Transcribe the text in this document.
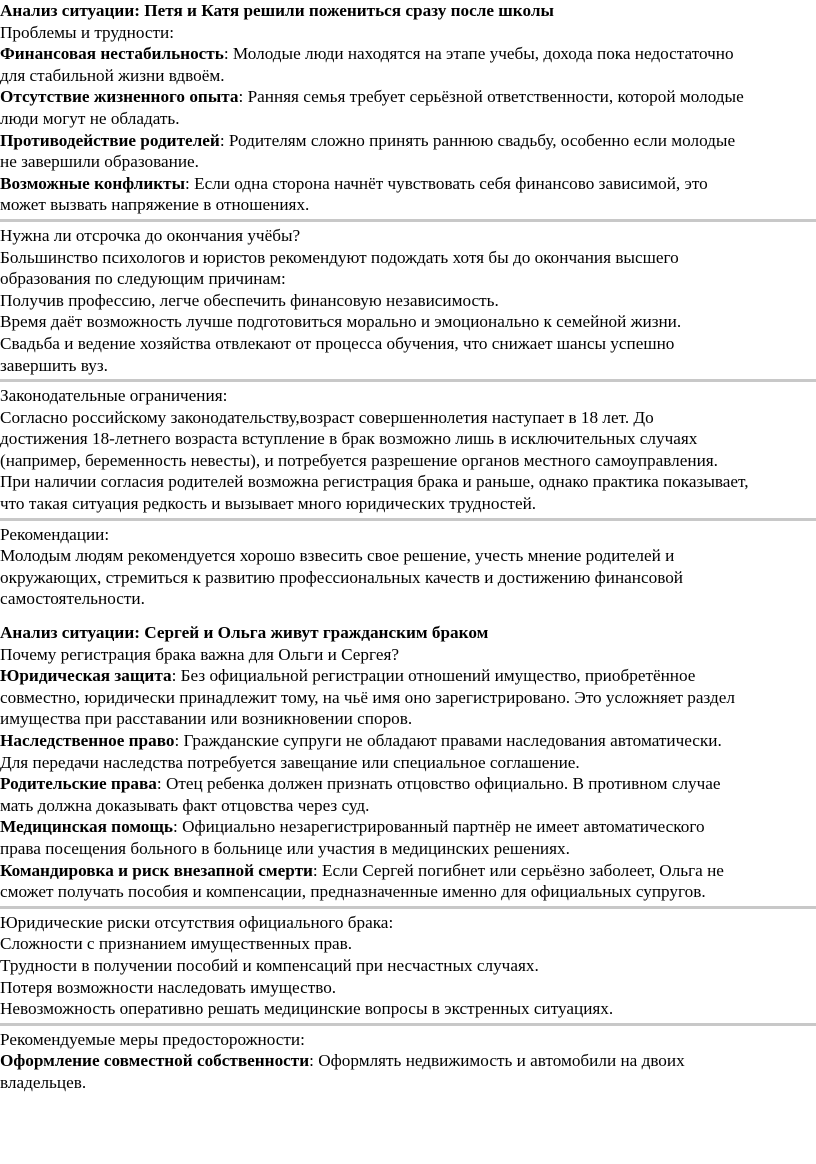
Анализ ситуации: Петя и Катя решили пожениться сразу после школы
Проблемы и трудности:
Финансовая нестабильность: Молодые люди находятся на этапе учебы, дохода пока недостаточно
для стабильной жизни вдвоём.
Отсутствие жизненного опыта: Ранняя семья требует серьёзной ответственности, которой молодые
люди могут не обладать.
Противодействие родителей: Родителям сложно принять раннюю свадьбу, особенно если молодые
не завершили образование.
Возможные конфликты: Если одна сторона начнёт чувствовать себя финансово зависимой, это
может вызвать напряжение в отношениях.
Нужна ли отсрочка до окончания учёбы?
Большинство психологов и юристов рекомендуют подождать хотя бы до окончания высшего
образования по следующим причинам:
Получив профессию, легче обеспечить финансовую независимость.
Время даёт возможность лучше подготовиться морально и эмоционально к семейной жизни.
Свадьба и ведение хозяйства отвлекают от процесса обучения, что снижает шансы успешно
завершить вуз.
Законодательные ограничения:
Согласно российскому законодательству,возраст совершеннолетия наступает в 18 лет. До
достижения 18-летнего возраста вступление в брак возможно лишь в исключительных случаях
(например, беременность невесты), и потребуется разрешение органов местного самоуправления.
При наличии согласия родителей возможна регистрация брака и раньше, однако практика показывает,
что такая ситуация редкость и вызывает много юридических трудностей.
Рекомендации:
Молодым людям рекомендуется хорошо взвесить свое решение, учесть мнение родителей и
окружающих, стремиться к развитию профессиональных качеств и достижению финансовой
самостоятельности.
Анализ ситуации: Сергей и Ольга живут гражданским браком
Почему регистрация брака важна для Ольги и Сергея?
Юридическая защита: Без официальной регистрации отношений имущество, приобретённое
совместно, юридически принадлежит тому, на чьё имя оно зарегистрировано. Это усложняет раздел
имущества при расставании или возникновении споров.
Наследственное право: Гражданские супруги не обладают правами наследования автоматически.
Для передачи наследства потребуется завещание или специальное соглашение.
Родительские права: Отец ребенка должен признать отцовство официально. В противном случае
мать должна доказывать факт отцовства через суд.
Медицинская помощь: Официально незарегистрированный партнёр не имеет автоматического
права посещения больного в больнице или участия в медицинских решениях.
Командировка и риск внезапной смерти: Если Сергей погибнет или серьёзно заболеет, Ольга не
сможет получать пособия и компенсации, предназначенные именно для официальных супругов.
Юридические риски отсутствия официального брака:
Сложности с признанием имущественных прав.
Трудности в получении пособий и компенсаций при несчастных случаях.
Потеря возможности наследовать имущество.
Невозможность оперативно решать медицинские вопросы в экстренных ситуациях.
Рекомендуемые меры предосторожности:
Оформление совместной собственности: Оформлять недвижимость и автомобили на двоих
владельцев.
